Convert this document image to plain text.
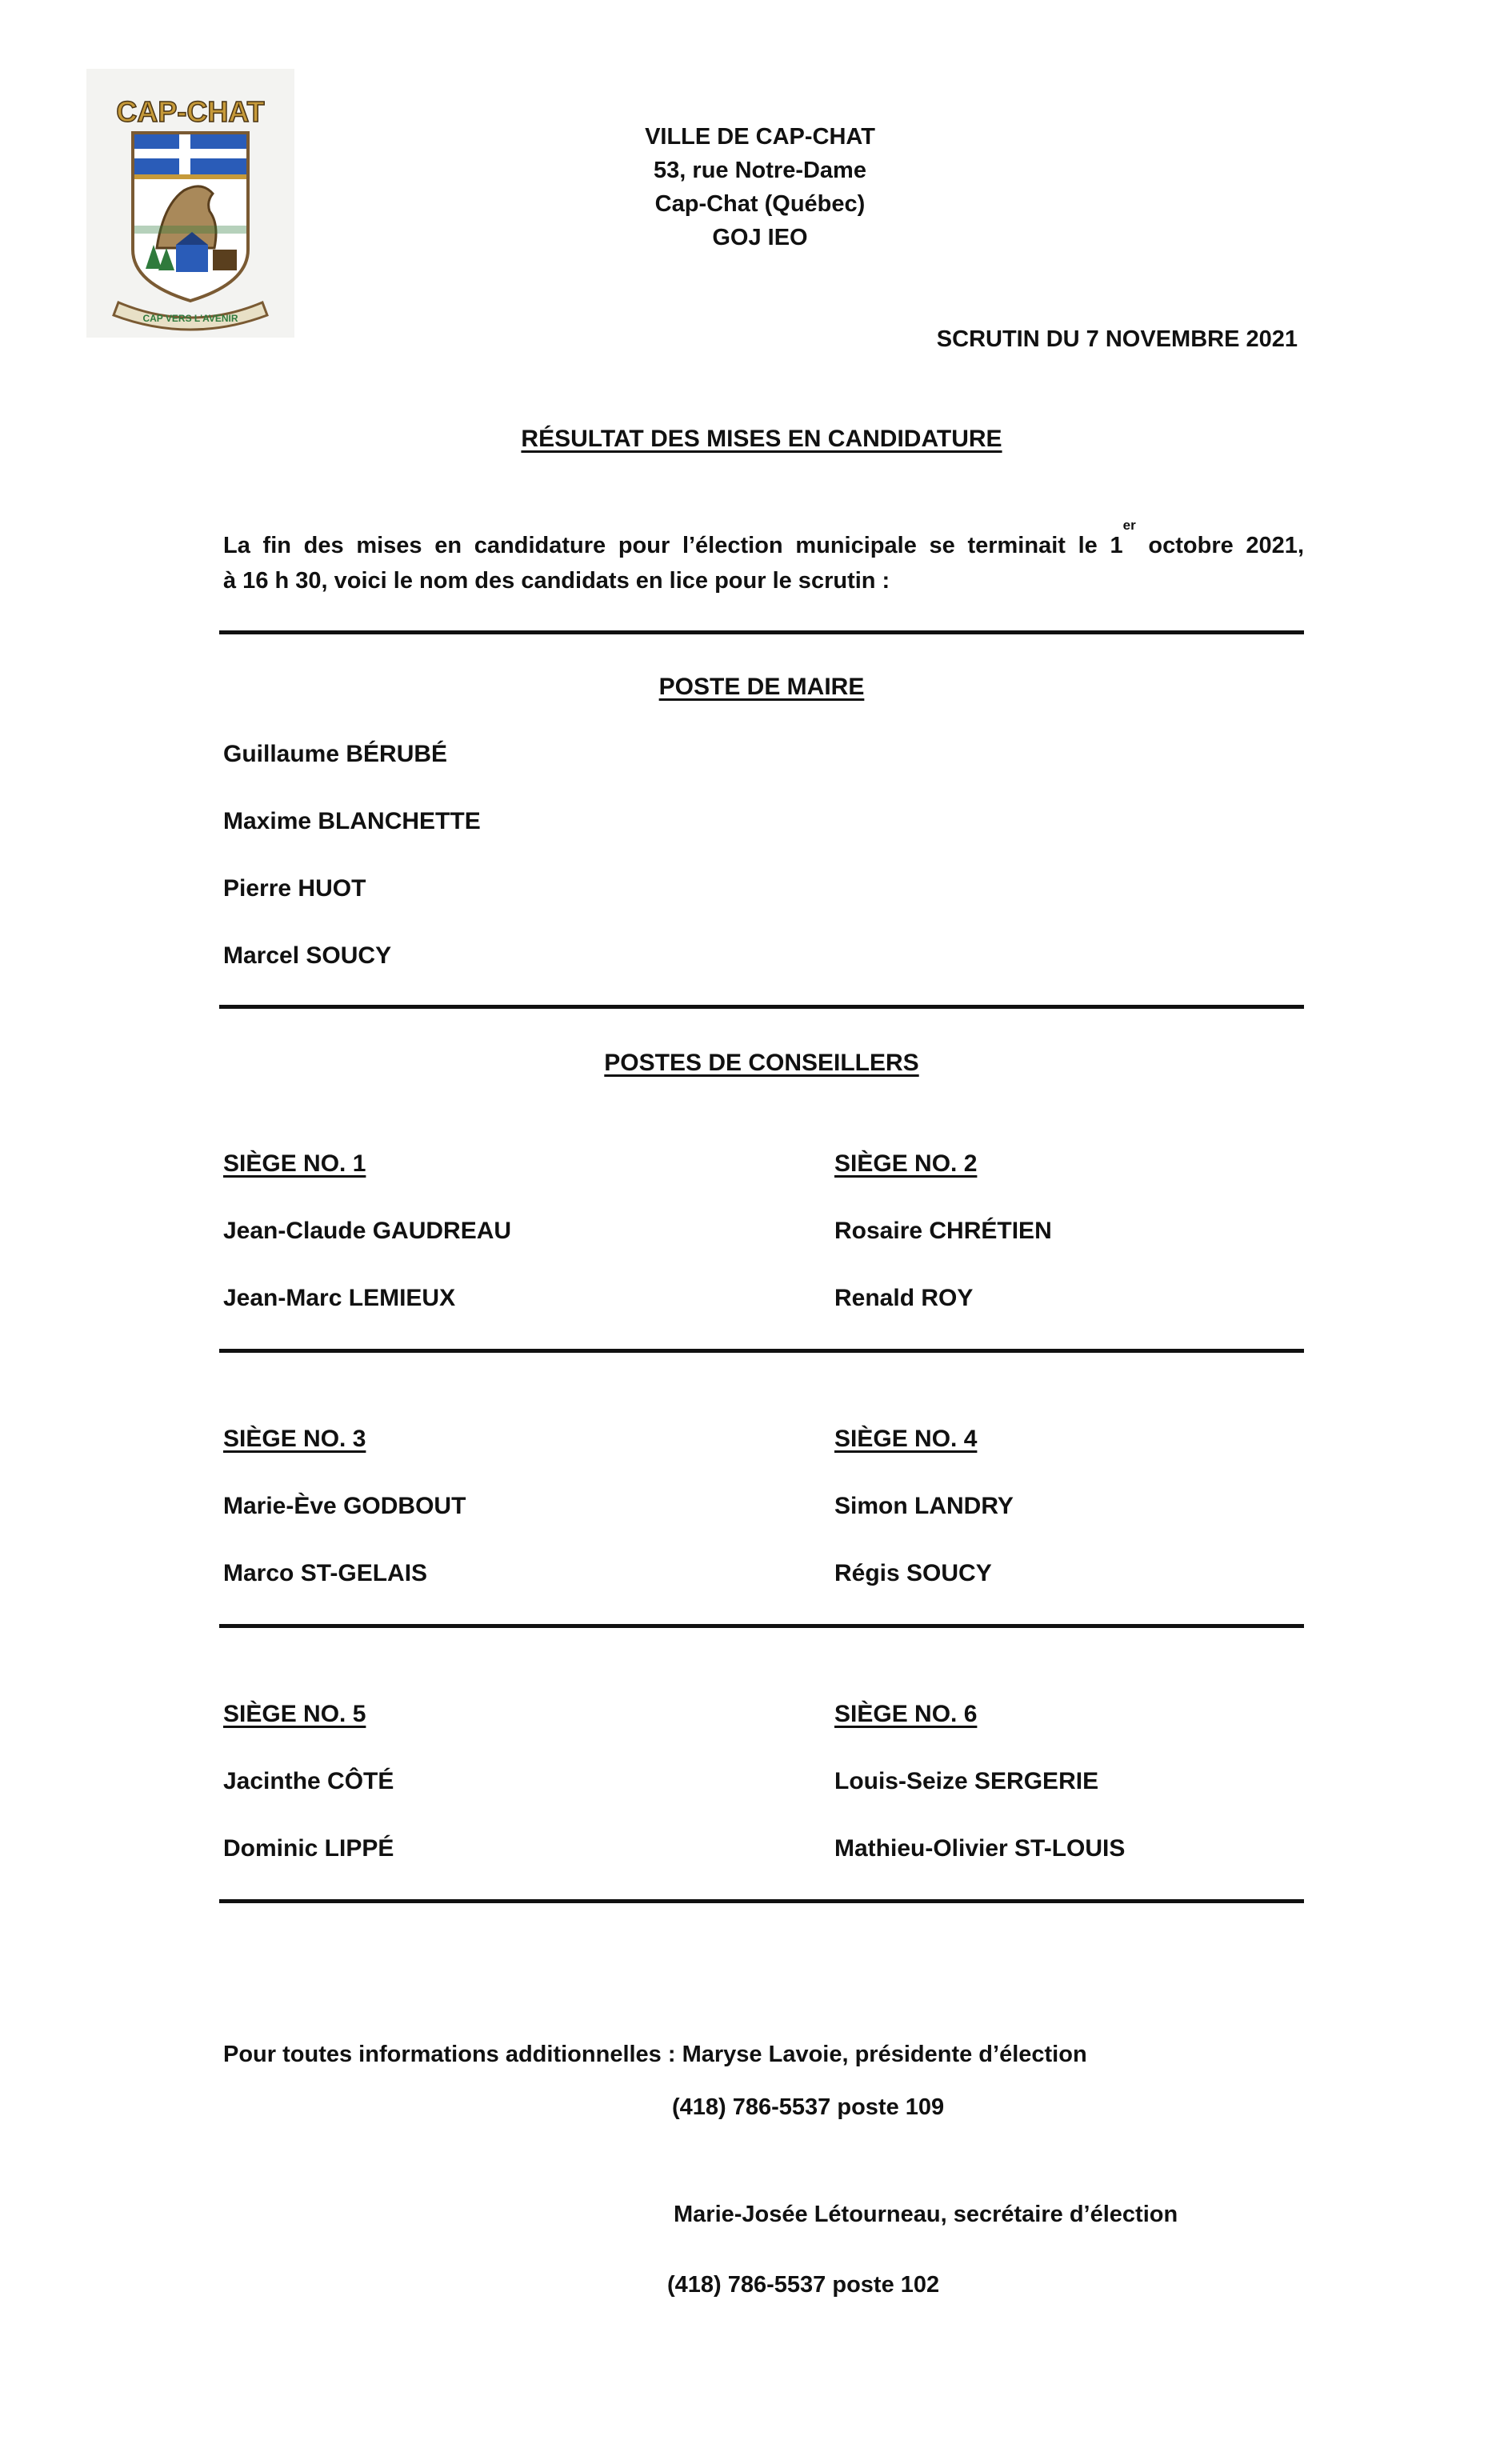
CAP-CHAT
CAP VERS L'AVENIR
VILLE DE CAP-CHAT
53, rue Notre-Dame
Cap-Chat (Québec)
GOJ IEO
SCRUTIN DU 7 NOVEMBRE 2021
RÉSULTAT DES MISES EN CANDIDATURE
La fin des mises en candidature pour l’élection municipale se terminait le 1er octobre 2021,
à 16 h 30, voici le nom des candidats en lice pour le scrutin :
POSTE DE MAIRE
Guillaume BÉRUBÉ
Maxime BLANCHETTE
Pierre HUOT
Marcel SOUCY
POSTES DE CONSEILLERS
SIÈGE NO. 1
Jean-Claude GAUDREAU
Jean-Marc LEMIEUX
SIÈGE NO. 2
Rosaire CHRÉTIEN
Renald ROY
SIÈGE NO. 3
Marie-Ève GODBOUT
Marco ST-GELAIS
SIÈGE NO. 4
Simon LANDRY
Régis SOUCY
SIÈGE NO. 5
Jacinthe CÔTÉ
Dominic LIPPÉ
SIÈGE NO. 6
Louis-Seize SERGERIE
Mathieu-Olivier ST-LOUIS
Pour toutes informations additionnelles : Maryse Lavoie, présidente d’élection
(418) 786-5537 poste 109
Marie-Josée Létourneau, secrétaire d’élection
(418) 786-5537 poste 102
